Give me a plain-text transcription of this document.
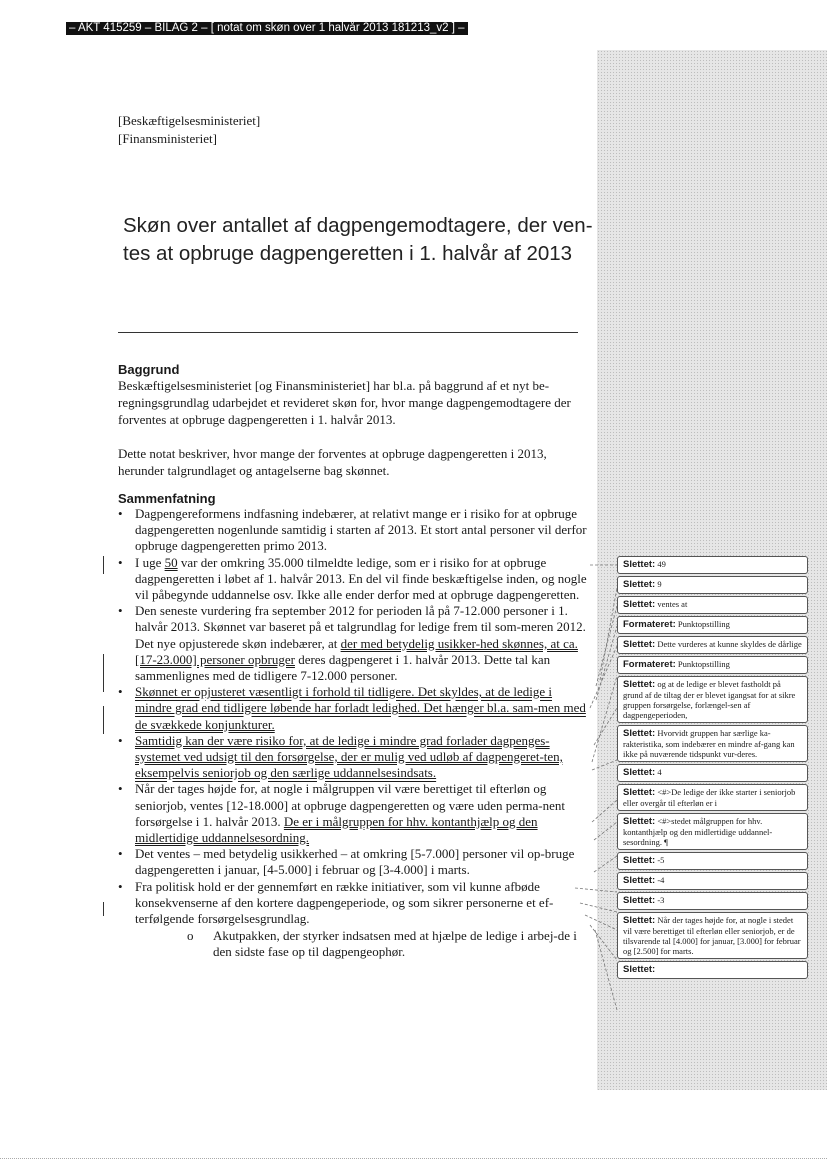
– AKT 415259 – BILAG 2 – [ notat om skøn over 1 halvår 2013 181213_v2 ] –
[Beskæftigelsesministeriet]
[Finansministeriet]
Skøn over antallet af dagpengemodtagere, der ven-tes at opbruge dagpengeretten i 1. halvår af 2013
Baggrund
Beskæftigelsesministeriet [og Finansministeriet] har bl.a. på baggrund af et nyt be-regningsgrundlag udarbejdet et revideret skøn for, hvor mange dagpengemodtagere der forventes at opbruge dagpengeretten i 1. halvår 2013.
Dette notat beskriver, hvor mange der forventes at opbruge dagpengeretten i 2013, herunder talgrundlaget og antagelserne bag skønnet.
Sammenfatning
• Dagpengereformens indfasning indebærer, at relativt mange er i risiko for at opbruge dagpengeretten nogenlunde samtidig i starten af 2013. Et stort antal personer vil derfor opbruge dagpengeretten primo 2013.
• I uge 50 var der omkring 35.000 tilmeldte ledige, som er i risiko for at opbruge dagpengeretten i løbet af 1. halvår 2013. En del vil finde beskæftigelse inden, og nogle vil påbegynde uddannelse osv. Ikke alle ender derfor med at opbruge dagpengeretten.
• Den seneste vurdering fra september 2012 for perioden lå på 7-12.000 personer i 1. halvår 2013. Skønnet var baseret på et talgrundlag for ledige frem til som-meren 2012. Det nye opjusterede skøn indebærer, at der med betydelig usikker-hed skønnes, at ca. [17-23.000] personer opbruger deres dagpengeret i 1. halvår 2013. Dette tal kan sammenlignes med de tidligere 7-12.000 personer.
• Skønnet er opjusteret væsentligt i forhold til tidligere. Det skyldes, at de ledige i mindre grad end tidligere løbende har forladt ledighed. Det hænger bl.a. sam-men med de svækkede konjunkturer.
• Samtidig kan der være risiko for, at de ledige i mindre grad forlader dagpenges-systemet ved udsigt til den forsørgelse, der er mulig ved udløb af dagpengeret-ten, eksempelvis seniorjob og den særlige uddannelsesindsats.
• Når der tages højde for, at nogle i målgruppen vil være berettiget til efterløn og seniorjob, ventes [12-18.000] at opbruge dagpengeretten og være uden perma-nent forsørgelse i 1. halvår 2013. De er i målgruppen for hhv. kontanthjælp og den midlertidige uddannelsesordning.
• Det ventes – med betydelig usikkerhed – at omkring [5-7.000] personer vil op-bruge dagpengeretten i januar, [4-5.000] i februar og [3-4.000] i marts.
• Fra politisk hold er der gennemført en række initiativer, som vil kunne afbøde konsekvenserne af den kortere dagpengeperiode, og som sikrer personerne et ef-terfølgende forsørgelsesgrundlag.
o Akutpakken, der styrker indsatsen med at hjælpe de ledige i arbej-de i den sidste fase op til dagpengeophør.
Slettet: 49
Slettet: 9
Slettet: ventes at
Formateret: Punktopstilling
Slettet: Dette vurderes at kunne skyldes de dårlige
Formateret: Punktopstilling
Slettet: og at de ledige er blevet fastholdt på grund af de tiltag der er blevet igangsat for at sikre gruppen forsørgelse, forlængel-sen af dagpengeperioden,
Slettet: Hvorvidt gruppen har særlige ka-rakteristika, som indebærer en mindre af-gang kan ikke på nuværende tidspunkt vur-deres.
Slettet: 4
Slettet: <#>De ledige der ikke starter i seniorjob eller overgår til efterløn er i
Slettet: <#>stedet målgruppen for hhv. kontanthjælp og den midlertidige uddannel-sesordning. ¶
Slettet: -5
Slettet: -4
Slettet: -3
Slettet: Når der tages højde for, at nogle i stedet vil være berettiget til efterløn eller seniorjob, er de tilsvarende tal [4.000] for januar, [3.000] for februar og [2.500] for marts.
Slettet:
